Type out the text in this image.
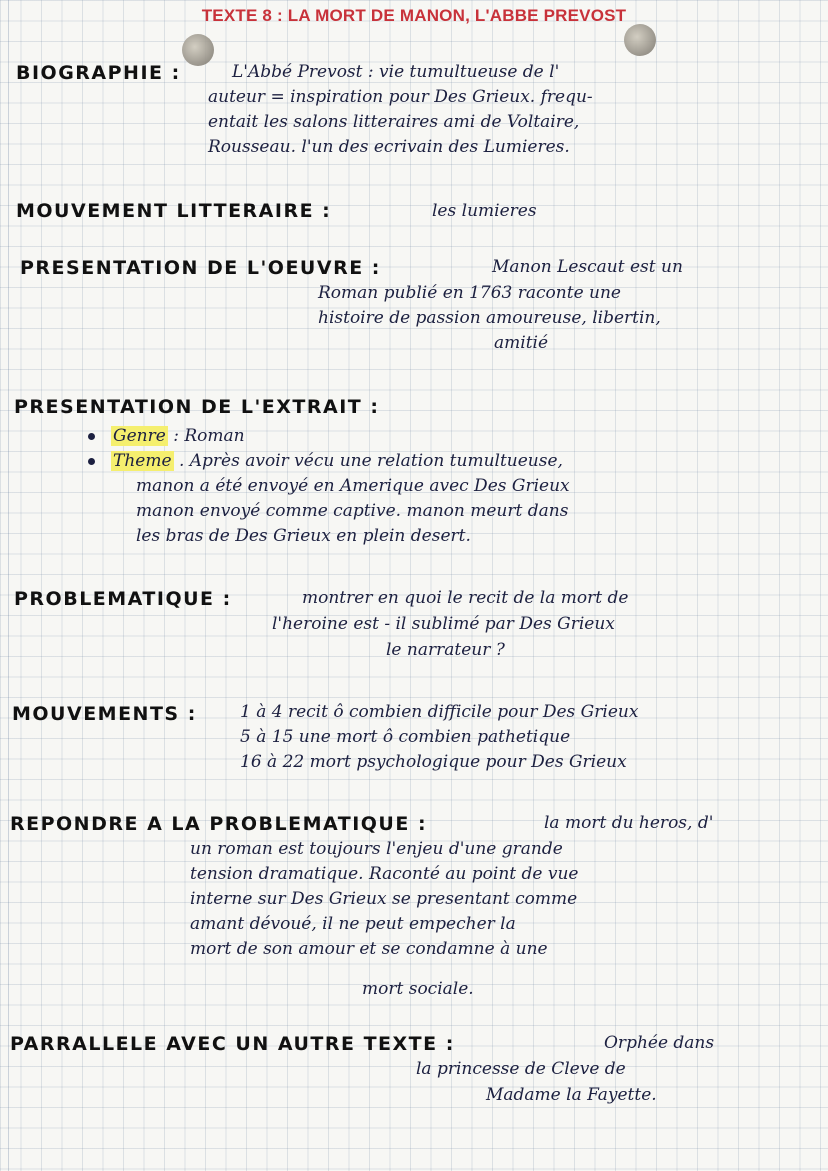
TEXTE 8 : LA MORT DE MANON, L'ABBE PREVOST
BIOGRAPHIE :	L'Abbé Prevost : vie tumultueuse de l'
auteur = inspiration pour Des Grieux. frequ-
entait les salons litteraires ami de Voltaire,
Rousseau. l'un des ecrivain des Lumieres.
MOUVEMENT LITTERAIRE :	les lumieres
PRESENTATION DE L'OEUVRE :	Manon Lescaut est un
Roman publié en 1763 raconte une
histoire de passion amoureuse, libertin,
amitié
PRESENTATION DE L'EXTRAIT :
Genre : Roman
Theme . Après avoir vécu une relation tumultueuse,
manon a été envoyé en Amerique avec Des Grieux
manon envoyé comme captive. manon meurt dans
les bras de Des Grieux en plein desert.
PROBLEMATIQUE :	montrer en quoi le recit de la mort de
l'heroine est - il sublimé par Des Grieux
le narrateur ?
MOUVEMENTS :	1 à 4 recit ô combien difficile pour Des Grieux
5 à 15 une mort ô combien pathetique
16 à 22 mort psychologique pour Des Grieux
REPONDRE A LA PROBLEMATIQUE :	la mort du heros, d'
un roman est toujours l'enjeu d'une grande
tension dramatique. Raconté au point de vue
interne sur Des Grieux se presentant comme
amant dévoué, il ne peut empecher la
mort de son amour et se condamne à une
mort sociale.
PARRALLELE AVEC UN AUTRE TEXTE :	Orphée dans
la princesse de Cleve de
Madame la Fayette.
